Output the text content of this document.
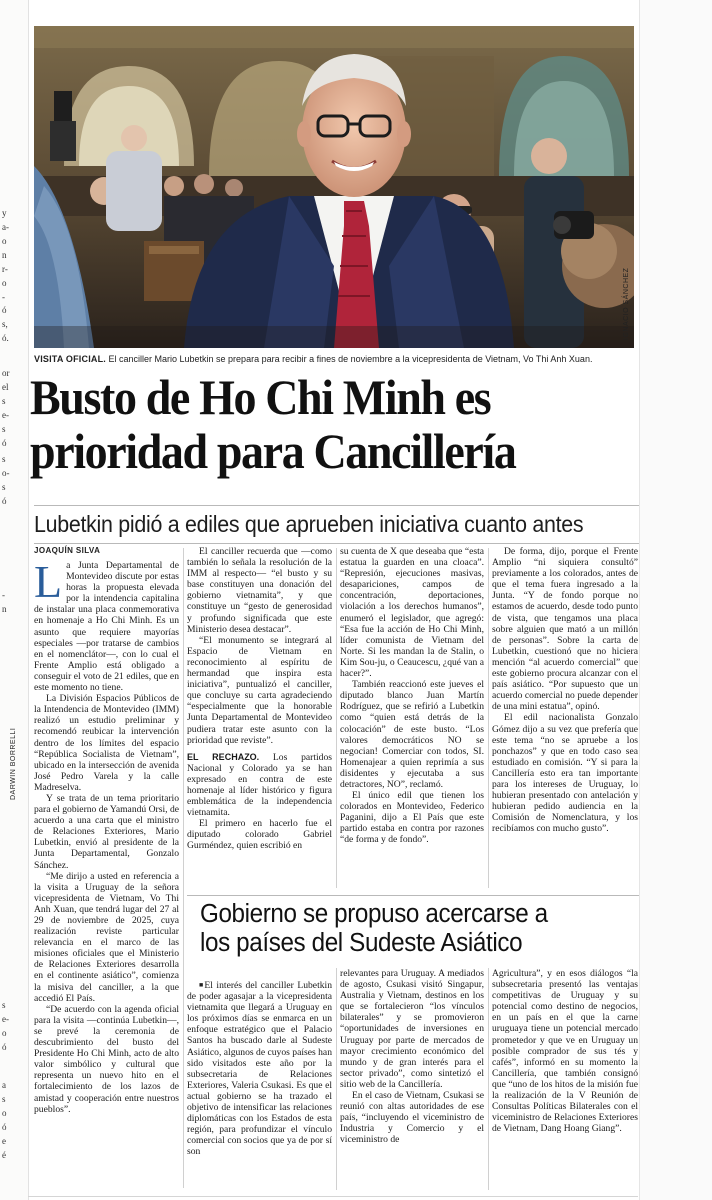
y
a-
o
n
r-
o
-
ó
s,
ó.
or
el
s
e-
s
ó
s
o-
s
ó
-
n
s
e-
o
ó
a
s
o
ó
e
é
IGNACIO SÁNCHEZ
VISITA OFICIAL. El canciller Mario Lubetkin se prepara para recibir a fines de noviembre a la vicepresidenta de Vietnam, Vo Thi Anh Xuan.
Busto de Ho Chi Minh es
prioridad para Cancillería
Lubetkin pidió a ediles que aprueben iniciativa cuanto antes
JOAQUÍN SILVA

La Junta Departamental de Montevideo discute por estas horas la propuesta elevada por la intendencia capitalina de instalar una placa conmemorativa en homenaje a Ho Chi Minh. Es un asunto que requiere mayorías especiales —por tratarse de cambios en el nomenclátor—, con lo cual el Frente Amplio está obligado a conseguir el voto de 21 ediles, que en este momento no tiene.

La División Espacios Públicos de la Intendencia de Montevideo (IMM) realizó un estudio preliminar y recomendó reubicar la intervención dentro de los límites del espacio “República Socialista de Vietnam”, ubicado en la intersección de avenida José Pedro Varela y la calle Madreselva.

Y se trata de un tema prioritario para el gobierno de Yamandú Orsi, de acuerdo a una carta que el ministro de Relaciones Exteriores, Mario Lubetkin, envió al presidente de la Junta Departamental, Gonzalo Sánchez.

“Me dirijo a usted en referencia a la visita a Uruguay de la señora vicepresidenta de Vietnam, Vo Thi Anh Xuan, que tendrá lugar del 27 al 29 de noviembre de 2025, cuya realización reviste particular relevancia en el marco de las misiones oficiales que el Ministerio de Relaciones Exteriores desarrolla en el continente asiático”, comienza la misiva del canciller, a la que accedió El País.

“De acuerdo con la agenda oficial para la visita —continúa Lubetkin—, se prevé la ceremonia de descubrimiento del busto del Presidente Ho Chi Minh, acto de alto valor simbólico y cultural que representa un nuevo hito en el fortalecimiento de los lazos de amistad y cooperación entre nuestros pueblos”.

El canciller recuerda que —como también lo señala la resolución de la IMM al respecto— “el busto y su base constituyen una donación del gobierno vietnamita”, y que constituye un “gesto de generosidad y profundo significada que este Ministerio desea destacar”.

“El monumento se integrará al Espacio de Vietnam en reconocimiento al espíritu de hermandad que inspira esta iniciativa”, puntualizó el canciller, que concluye su carta agradeciendo “especialmente que la honorable Junta Departamental de Montevideo pudiera tratar este asunto con la prioridad que reviste”.

EL RECHAZO. Los partidos Nacional y Colorado ya se han expresado en contra de este homenaje al líder histórico y figura emblemática de la independencia vietnamita.

El primero en hacerlo fue el diputado colorado Gabriel Gurméndez, quien escribió en

su cuenta de X que deseaba que “esta estatua la guarden en una cloaca”. “Represión, ejecuciones masivas, desapariciones, campos de concentración, deportaciones, violación a los derechos humanos”, enumeró el legislador, que agregó: “Esa fue la acción de Ho Chi Minh, líder comunista de Vietnam del Norte. Si les mandan la de Stalin, o Kim Sou-ju, o Ceaucescu, ¿qué van a hacer?”.

También reaccionó este jueves el diputado blanco Juan Martín Rodríguez, que se refirió a Lubetkin como “quien está detrás de la colocación” de este busto. “Los valores democráticos NO se negocian! Comerciar con todos, SI. Homenajear a quien reprimía a sus disidentes y ejecutaba a sus detractores, NO”, reclamó.

El único edil que tienen los colorados en Montevideo, Federico Paganini, dijo a El País que este partido estaba en contra por razones “de forma y de fondo”.

De forma, dijo, porque el Frente Amplio “ni siquiera consultó” previamente a los colorados, antes de que el tema fuera ingresado a la Junta. “Y de fondo porque no estamos de acuerdo, desde todo punto de vista, que tengamos una placa sobre alguien que mató a un millón de personas”. Sobre la carta de Lubetkin, cuestionó que no hiciera mención “al acuerdo comercial” que este gobierno procura alcanzar con el país asiático. “Por supuesto que un acuerdo comercial no puede depender de una mini estatua”, opinó.

El edil nacionalista Gonzalo Gómez dijo a su vez que prefería que este tema “no se apruebe a los ponchazos” y que en todo caso sea estudiado en comisión. “Y si para la Cancillería esto era tan importante para los intereses de Uruguay, lo hubieran presentado con antelación y hubieran pedido audiencia en la Comisión de Nomenclatura, y los recibíamos con mucho gusto”.

DARWIN BORRELLI
Gobierno se propuso acercarse a
los países del Sudeste Asiático

■El interés del canciller Lubetkin de poder agasajar a la vicepresidenta vietnamita que llegará a Uruguay en los próximos días se enmarca en un enfoque estratégico que el Palacio Santos ha buscado darle al Sudeste Asiático, algunos de cuyos países han sido visitados este año por la subsecretaria de Relaciones Exteriores, Valeria Csukasi. Es que el actual gobierno se ha trazado el objetivo de intensificar las relaciones diplomáticas con los Estados de esta región, para profundizar el vínculo comercial con socios que ya de por sí son

relevantes para Uruguay. A mediados de agosto, Csukasi visitó Singapur, Australia y Vietnam, destinos en los que se fortalecieron “los vínculos bilaterales” y se promovieron “oportunidades de inversiones en Uruguay por parte de mercados de mayor crecimiento económico del mundo y de gran interés para el sector privado”, como sintetizó el sitio web de la Cancillería.

En el caso de Vietnam, Csukasi se reunió con altas autoridades de ese país, “incluyendo el viceministro de Industria y Comercio y el viceministro de

Agricultura”, y en esos diálogos “la subsecretaria presentó las ventajas competitivas de Uruguay y su potencial como destino de negocios, en un país en el que la carne uruguaya tiene un potencial mercado prometedor y que ve en Uruguay un posible comprador de sus tés y cafés”, informó en su momento la Cancillería, que también consignó que “uno de los hitos de la misión fue la realización de la V Reunión de Consultas Políticas Bilaterales con el viceministro de Relaciones Exteriores de Vietnam, Dang Hoang Giang”.
